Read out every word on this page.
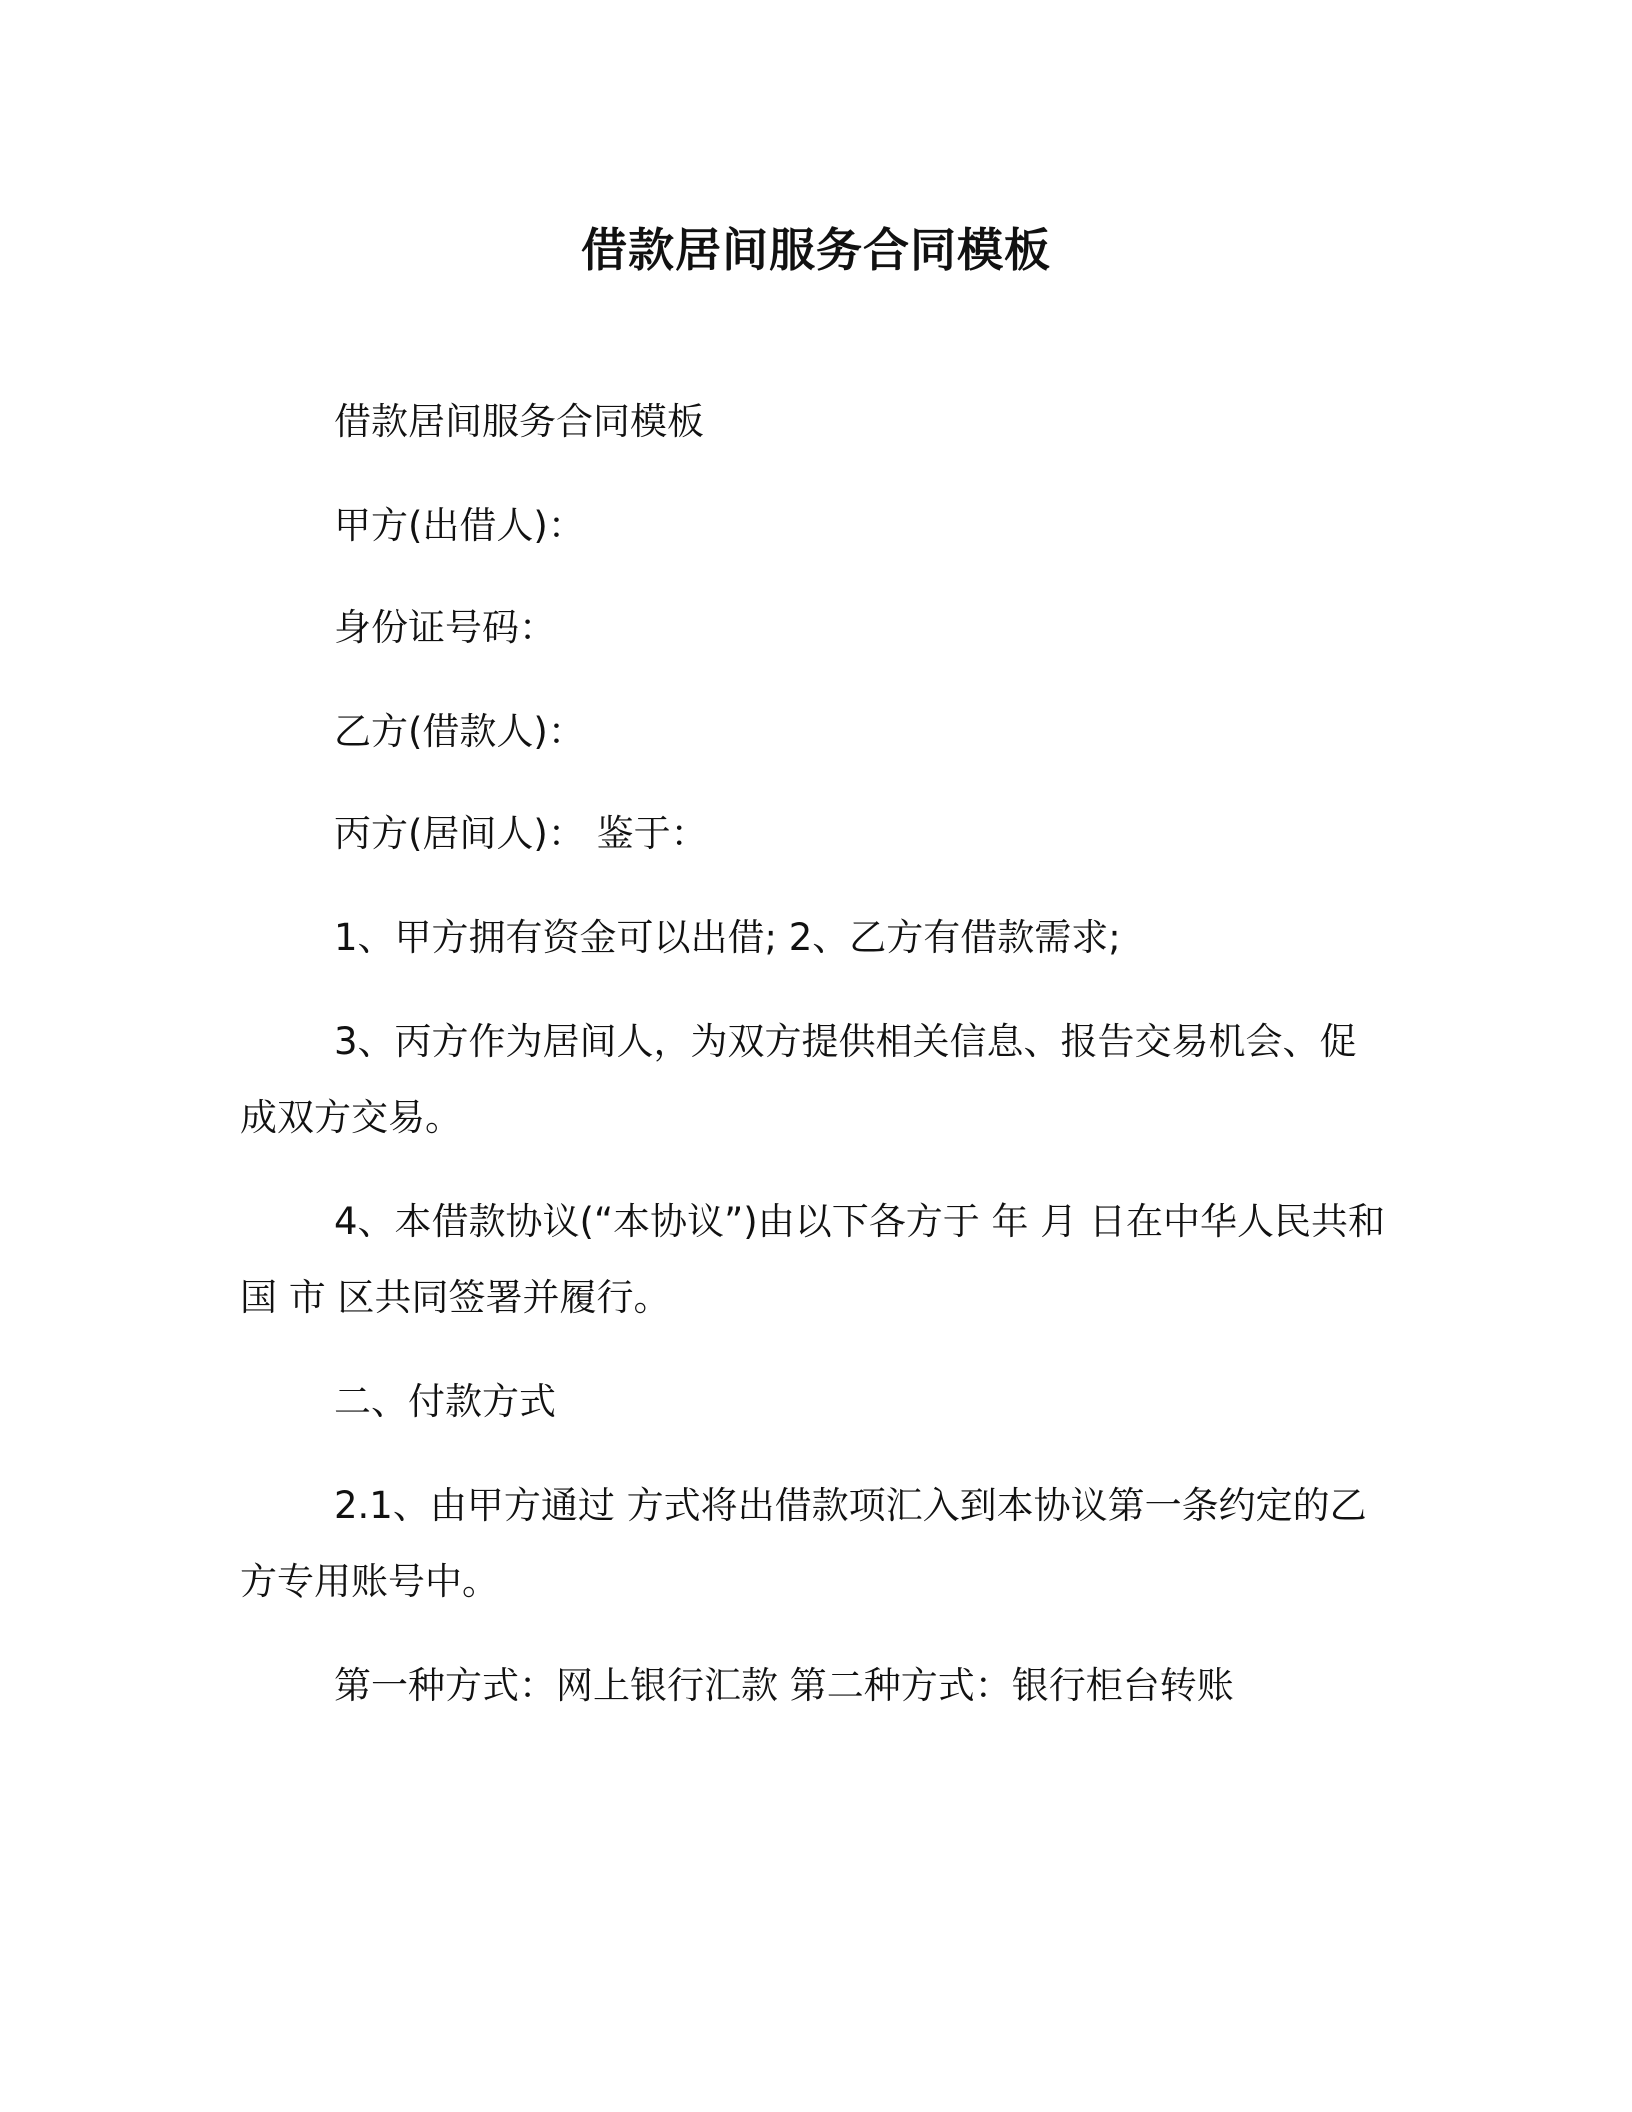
借款居间服务合同模板

借款居间服务合同模板

甲方(出借人)：

身份证号码：

乙方(借款人)：

丙方(居间人)： 鉴于：

1、甲方拥有资金可以出借; 2、乙方有借款需求;

3、丙方作为居间人，为双方提供相关信息、报告交易机会、促成双方交易。

4、本借款协议(“本协议”)由以下各方于 年 月 日在中华人民共和国 市 区共同签署并履行。

二、付款方式

2.1、由甲方通过 方式将出借款项汇入到本协议第一条约定的乙方专用账号中。

第一种方式：网上银行汇款 第二种方式：银行柜台转账
